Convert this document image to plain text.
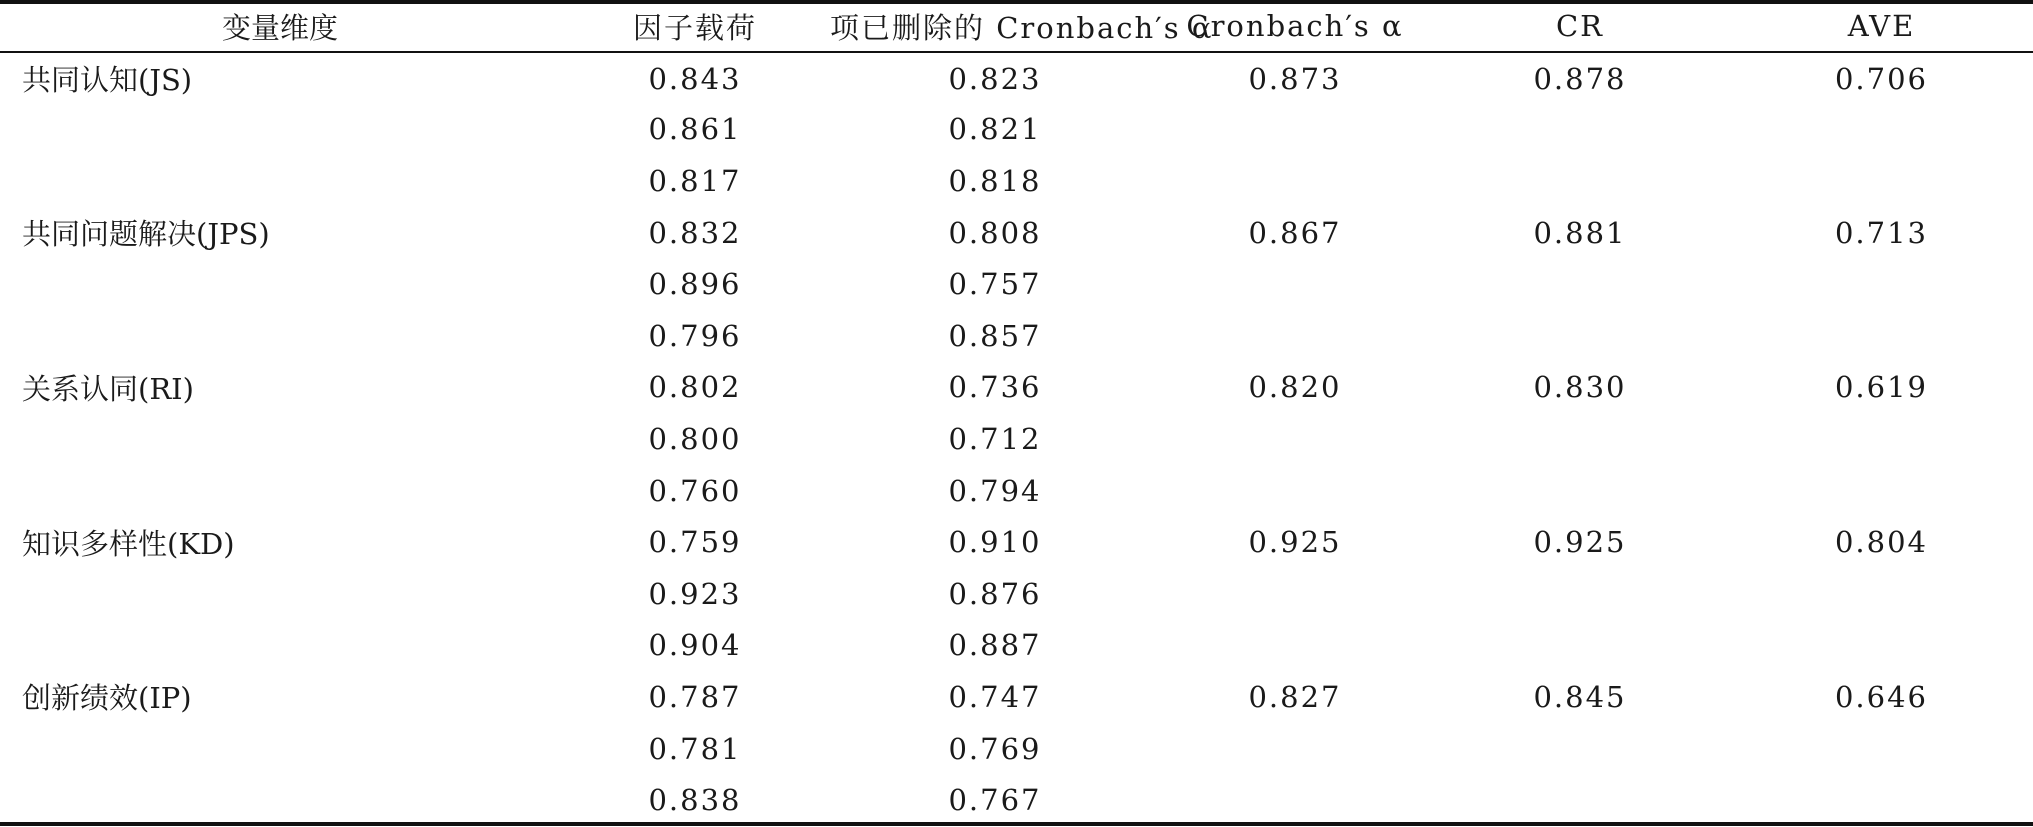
变量维度	因子载荷	项已删除的 Cronbach′s α	Cronbach′s α	CR	AVE
共同认知(JS)	0.843	0.823	0.873	0.878	0.706
	0.861	0.821			
	0.817	0.818			
共同问题解决(JPS)	0.832	0.808	0.867	0.881	0.713
	0.896	0.757			
	0.796	0.857			
关系认同(RI)	0.802	0.736	0.820	0.830	0.619
	0.800	0.712			
	0.760	0.794			
知识多样性(KD)	0.759	0.910	0.925	0.925	0.804
	0.923	0.876			
	0.904	0.887			
创新绩效(IP)	0.787	0.747	0.827	0.845	0.646
	0.781	0.769			
	0.838	0.767			
